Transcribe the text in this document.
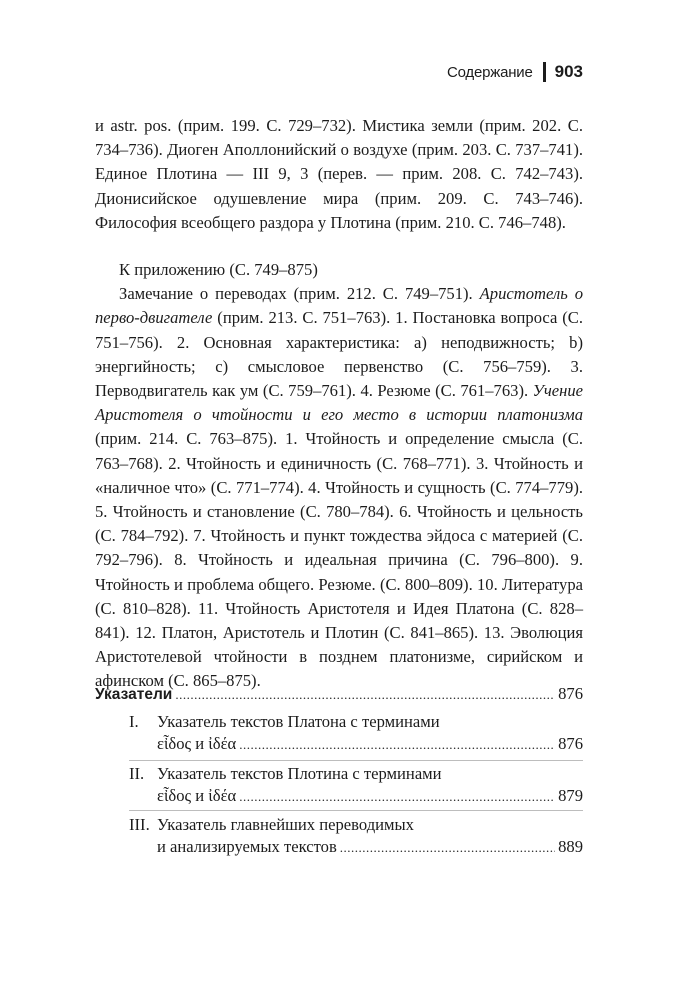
Содержание 903

и astr. pos. (прим. 199. С. 729–732). Мистика земли (прим. 202. С. 734–736). Диоген Аполлонийский о воздухе (прим. 203. С. 737–741). Единое Плотина — III 9, 3 (перев. — прим. 208. С. 742–743). Дионисийское одушевление мира (прим. 209. С. 743–746). Философия всеобщего раздора у Плотина (прим. 210. С. 746–748).

К приложению (С. 749–875)

Замечание о переводах (прим. 212. С. 749–751). Аристотель о перво-двигателе (прим. 213. С. 751–763). 1. Постановка вопроса (С. 751–756). 2. Основная характеристика: а) неподвижность; b) энергийность; c) смысловое первенство (С. 756–759). 3. Перводвигатель как ум (С. 759–761). 4. Резюме (С. 761–763). Учение Аристотеля о чтойности и его место в истории платонизма (прим. 214. С. 763–875). 1. Чтойность и определение смысла (С. 763–768). 2. Чтойность и единичность (С. 768–771). 3. Чтойность и «наличное что» (С. 771–774). 4. Чтойность и сущность (С. 774–779). 5. Чтойность и становление (С. 780–784). 6. Чтойность и цельность (С. 784–792). 7. Чтойность и пункт тождества эйдоса с материей (С. 792–796). 8. Чтойность и идеальная причина (С. 796–800). 9. Чтойность и проблема общего. Резюме. (С. 800–809). 10. Литература (С. 810–828). 11. Чтойность Аристотеля и Идея Платона (С. 828–841). 12. Платон, Аристотель и Плотин (С. 841–865). 13. Эволюция Аристотелевой чтойности в позднем платонизме, сирийском и афинском (С. 865–875).

Указатели .....	876
I.	Указатель текстов Платона с терминами
εἶδος и ἰδέα .....	876
II. Указатель текстов Плотина с терминами
εἶδος и ἰδέα .....	879
III. Указатель главнейших переводимых
и анализируемых текстов .....	889
